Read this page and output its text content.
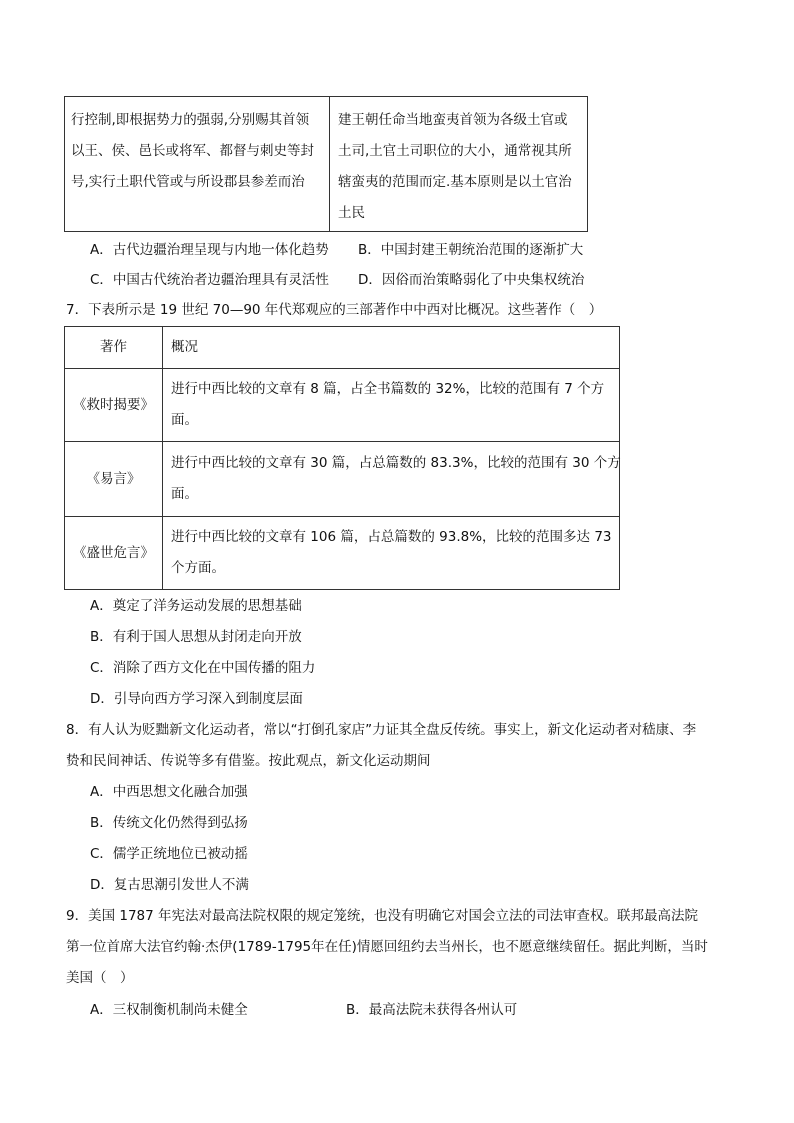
行控制,即根据势力的强弱,分别赐其首领
以王、侯、邑长或将军、都督与刺史等封
号,实行土职代管或与所设郡县参差而治
建王朝任命当地蛮夷首领为各级土官或
土司,土官土司职位的大小，通常视其所
辖蛮夷的范围而定.基本原则是以土官治
土民
A．古代边疆治理呈现与内地一体化趋势 B．中国封建王朝统治范围的逐渐扩大
C．中国古代统治者边疆治理具有灵活性 D．因俗而治策略弱化了中央集权统治
7．下表所示是 19 世纪 70—90 年代郑观应的三部著作中中西对比概况。这些著作（　）
著作	概况
《救时揭要》
进行中西比较的文章有 8 篇，占全书篇数的 32%，比较的范围有 7 个方
面。
《易言》
进行中西比较的文章有 30 篇，占总篇数的 83.3%，比较的范围有 30 个方
面。
《盛世危言》
进行中西比较的文章有 106 篇，占总篇数的 93.8%，比较的范围多达 73
个方面。
A．奠定了洋务运动发展的思想基础
B．有利于国人思想从封闭走向开放
C．消除了西方文化在中国传播的阻力
D．引导向西方学习深入到制度层面
8．有人认为贬黜新文化运动者，常以“打倒孔家店”力证其全盘反传统。事实上，新文化运动者对嵇康、李
贽和民间神话、传说等多有借鉴。按此观点，新文化运动期间
A．中西思想文化融合加强
B．传统文化仍然得到弘扬
C．儒学正统地位已被动摇
D．复古思潮引发世人不满
9．美国 1787 年宪法对最高法院权限的规定笼统，也没有明确它对国会立法的司法审查权。联邦最高法院
第一位首席大法官约翰·杰伊(1789-1795年在任)情愿回纽约去当州长，也不愿意继续留任。据此判断，当时
美国（　）
A．三权制衡机制尚未健全	B．最高法院未获得各州认可
